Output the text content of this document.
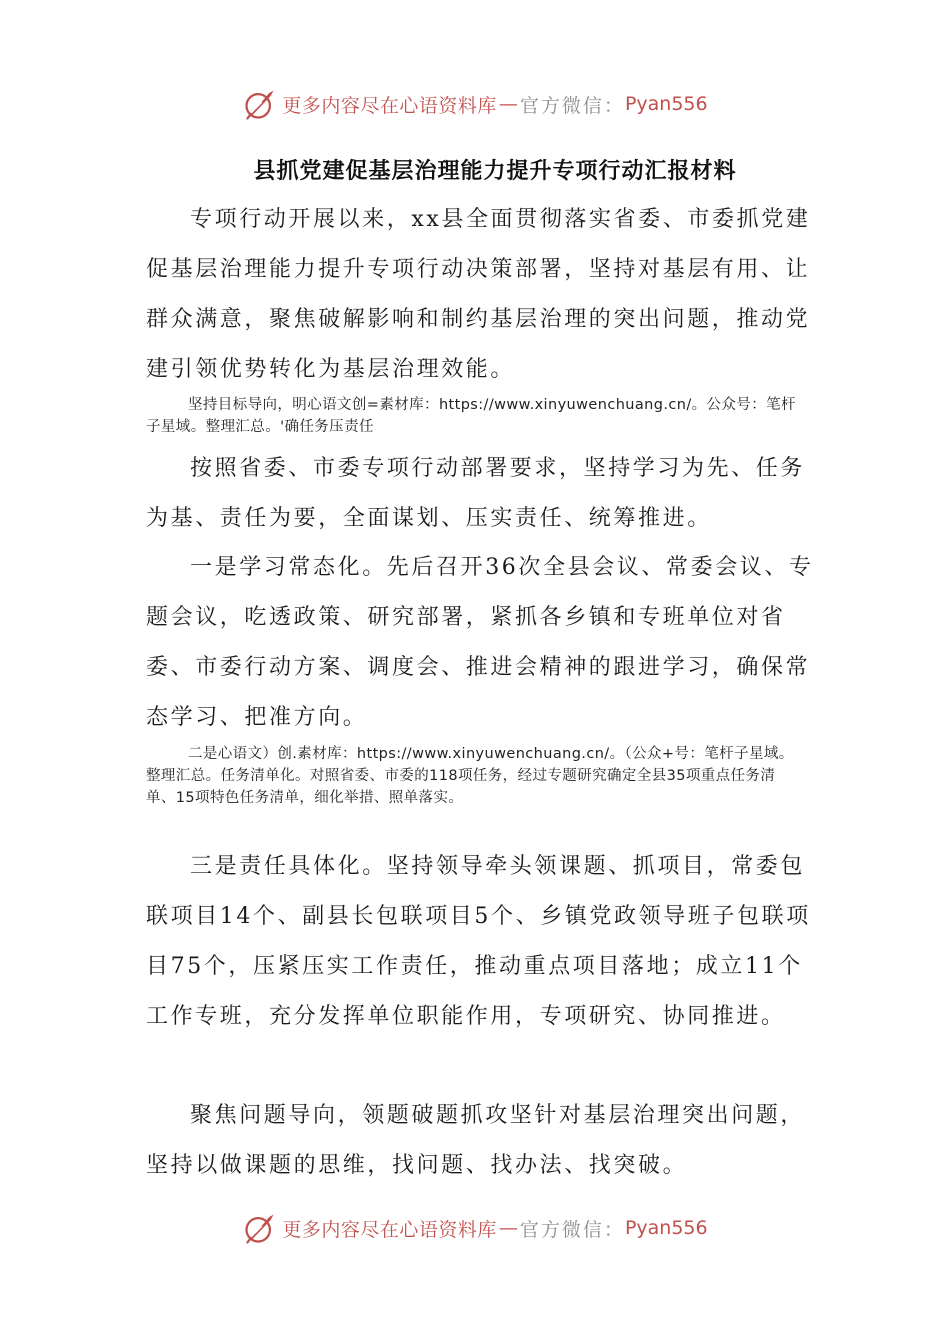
更多内容尽在心语资料库 — 官方微信： Pyan556
县抓党建促基层治理能力提升专项行动汇报材料

专项行动开展以来，xx县全面贯彻落实省委、市委抓党建促基层治理能力提升专项行动决策部署，坚持对基层有用、让群众满意，聚焦破解影响和制约基层治理的突出问题，推动党建引领优势转化为基层治理效能。

坚持目标导向，明心语文创=素材库：https://www.xinyuwenchuang.cn/。公众号：笔杆子星域。整理汇总。'确任务压责任

按照省委、市委专项行动部署要求，坚持学习为先、任务为基、责任为要，全面谋划、压实责任、统筹推进。

一是学习常态化。先后召开36次全县会议、常委会议、专题会议，吃透政策、研究部署，紧抓各乡镇和专班单位对省委、市委行动方案、调度会、推进会精神的跟进学习，确保常态学习、把准方向。

二是心语文）创.素材库：https://www.xinyuwenchuang.cn/。（公众+号：笔杆子星域。整理汇总。任务清单化。对照省委、市委的118项任务，经过专题研究确定全县35项重点任务清单、15项特色任务清单，细化举措、照单落实。

三是责任具体化。坚持领导牵头领课题、抓项目，常委包联项目14个、副县长包联项目5个、乡镇党政领导班子包联项目75个，压紧压实工作责任，推动重点项目落地；成立11个工作专班，充分发挥单位职能作用，专项研究、协同推进。

聚焦问题导向，领题破题抓攻坚针对基层治理突出问题，坚持以做课题的思维，找问题、找办法、找突破。

更多内容尽在心语资料库 — 官方微信： Pyan556
